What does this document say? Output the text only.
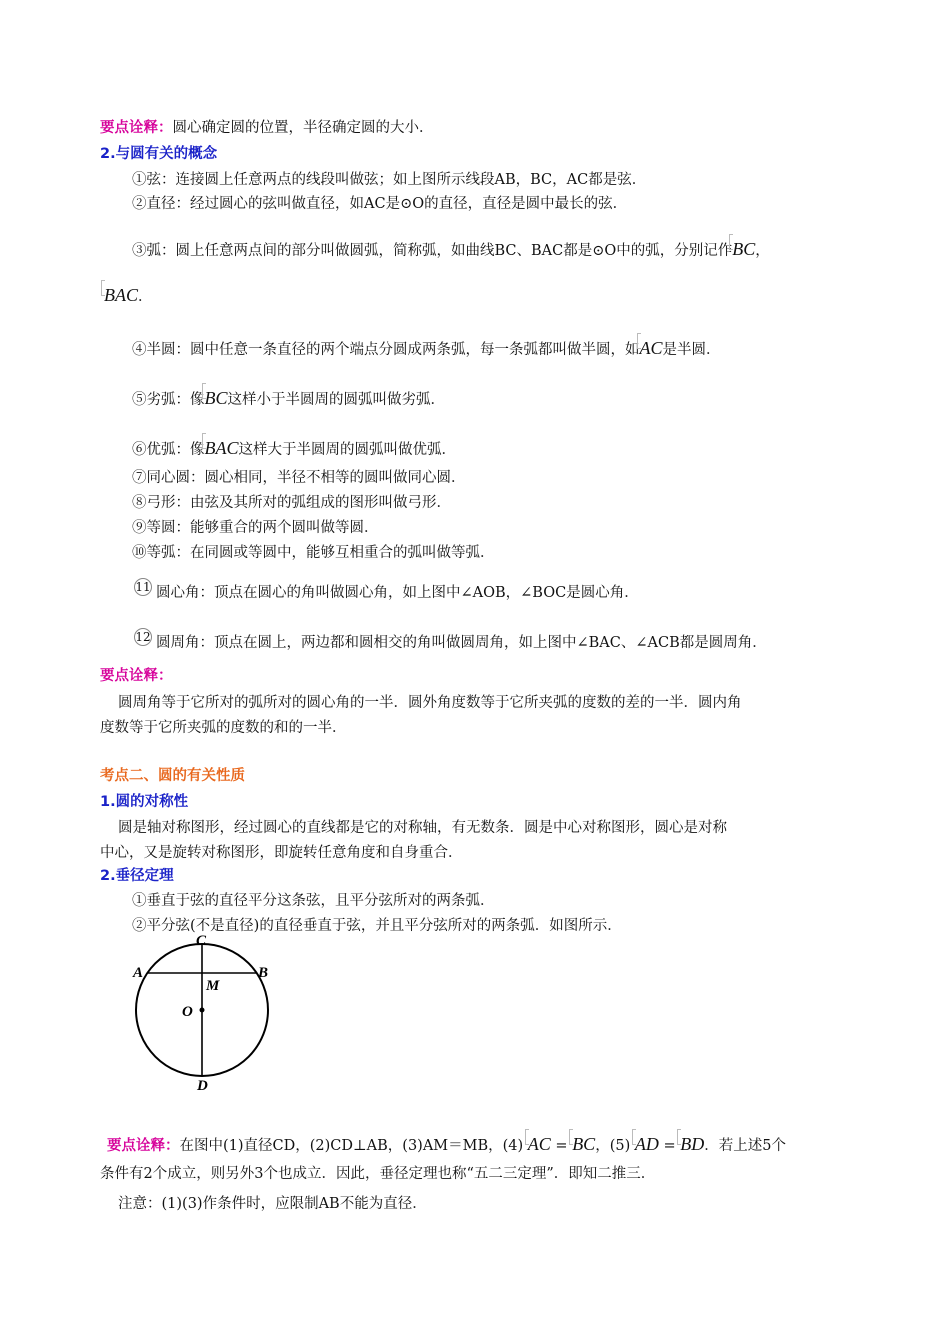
要点诠释：圆心确定圆的位置，半径确定圆的大小．
2.与圆有关的概念
①弦：连接圆上任意两点的线段叫做弦；如上图所示线段AB，BC，AC都是弦．
②直径：经过圆心的弦叫做直径，如AC是⊙O的直径，直径是圆中最长的弦．
③弧：圆上任意两点间的部分叫做圆弧，简称弧，如曲线BC、BAC都是⊙O中的弧，分别记作BC，
BAC．
④半圆：圆中任意一条直径的两个端点分圆成两条弧，每一条弧都叫做半圆，如AC是半圆．
⑤劣弧：像BC这样小于半圆周的圆弧叫做劣弧．
⑥优弧：像BAC这样大于半圆周的圆弧叫做优弧．
⑦同心圆：圆心相同，半径不相等的圆叫做同心圆．
⑧弓形：由弦及其所对的弧组成的图形叫做弓形．
⑨等圆：能够重合的两个圆叫做等圆．
⑩等弧：在同圆或等圆中，能够互相重合的弧叫做等弧．
11 圆心角：顶点在圆心的角叫做圆心角，如上图中∠AOB，∠BOC是圆心角．
12 圆周角：顶点在圆上，两边都和圆相交的角叫做圆周角，如上图中∠BAC、∠ACB都是圆周角．
要点诠释：
圆周角等于它所对的弧所对的圆心角的一半．圆外角度数等于它所夹弧的度数的差的一半．圆内角
度数等于它所夹弧的度数的和的一半．
考点二、圆的有关性质
1.圆的对称性
圆是轴对称图形，经过圆心的直线都是它的对称轴，有无数条．圆是中心对称图形，圆心是对称
中心，又是旋转对称图形，即旋转任意角度和自身重合．
2.垂径定理
①垂直于弦的直径平分这条弦，且平分弦所对的两条弧．
②平分弦(不是直径)的直径垂直于弦，并且平分弦所对的两条弧．如图所示．
C
A	B
M
O
D
要点诠释：在图中(1)直径CD，(2)CD⊥AB，(3)AM＝MB，(4) AC = BC，(5) AD = BD．若上述5个
条件有2个成立，则另外3个也成立．因此，垂径定理也称“五二三定理”．即知二推三．
注意：(1)(3)作条件时，应限制AB不能为直径．
